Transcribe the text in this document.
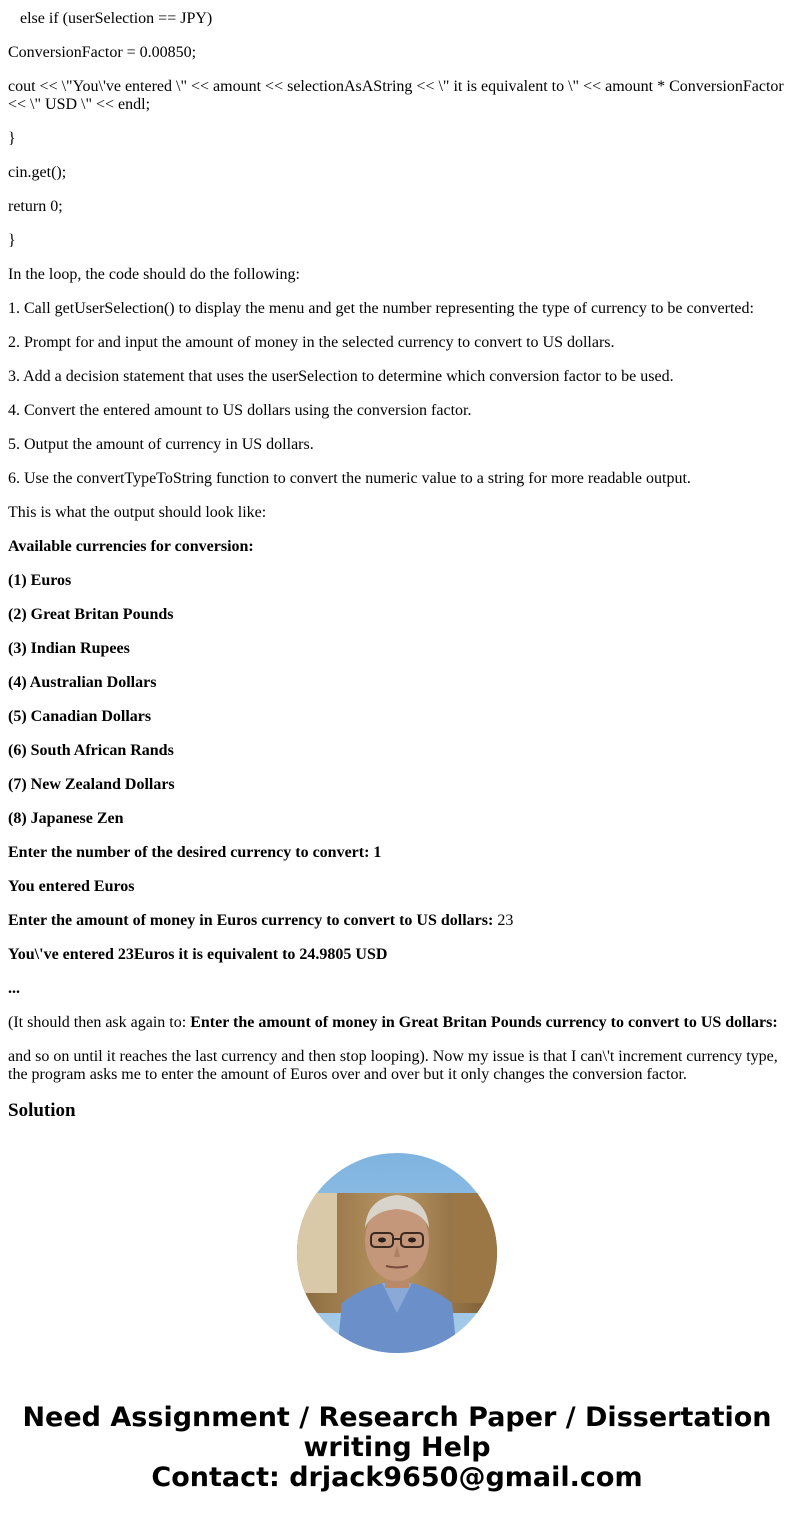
else if (userSelection == JPY)

ConversionFactor = 0.00850;

cout << \"You\'ve entered \" << amount << selectionAsAString << \" it is equivalent to \" << amount * ConversionFactor << \" USD \" << endl;

}

cin.get();

return 0;

}

In the loop, the code should do the following:

1. Call getUserSelection() to display the menu and get the number representing the type of currency to be converted:

2. Prompt for and input the amount of money in the selected currency to convert to US dollars.

3. Add a decision statement that uses the userSelection to determine which conversion factor to be used.

4. Convert the entered amount to US dollars using the conversion factor.

5. Output the amount of currency in US dollars.

6. Use the convertTypeToString function to convert the numeric value to a string for more readable output.

This is what the output should look like:

Available currencies for conversion:

(1) Euros

(2) Great Britan Pounds

(3) Indian Rupees

(4) Australian Dollars

(5) Canadian Dollars

(6) South African Rands

(7) New Zealand Dollars

(8) Japanese Zen

Enter the number of the desired currency to convert: 1

You entered Euros

Enter the amount of money in Euros currency to convert to US dollars: 23

You\'ve entered 23Euros it is equivalent to 24.9805 USD

...

(It should then ask again to: Enter the amount of money in Great Britan Pounds currency to convert to US dollars:

and so on until it reaches the last currency and then stop looping). Now my issue is that I can\'t increment currency type, the program asks me to enter the amount of Euros over and over but it only changes the conversion factor.

Solution
Need Assignment / Research Paper / Dissertation
writing Help
Contact: drjack9650@gmail.com
